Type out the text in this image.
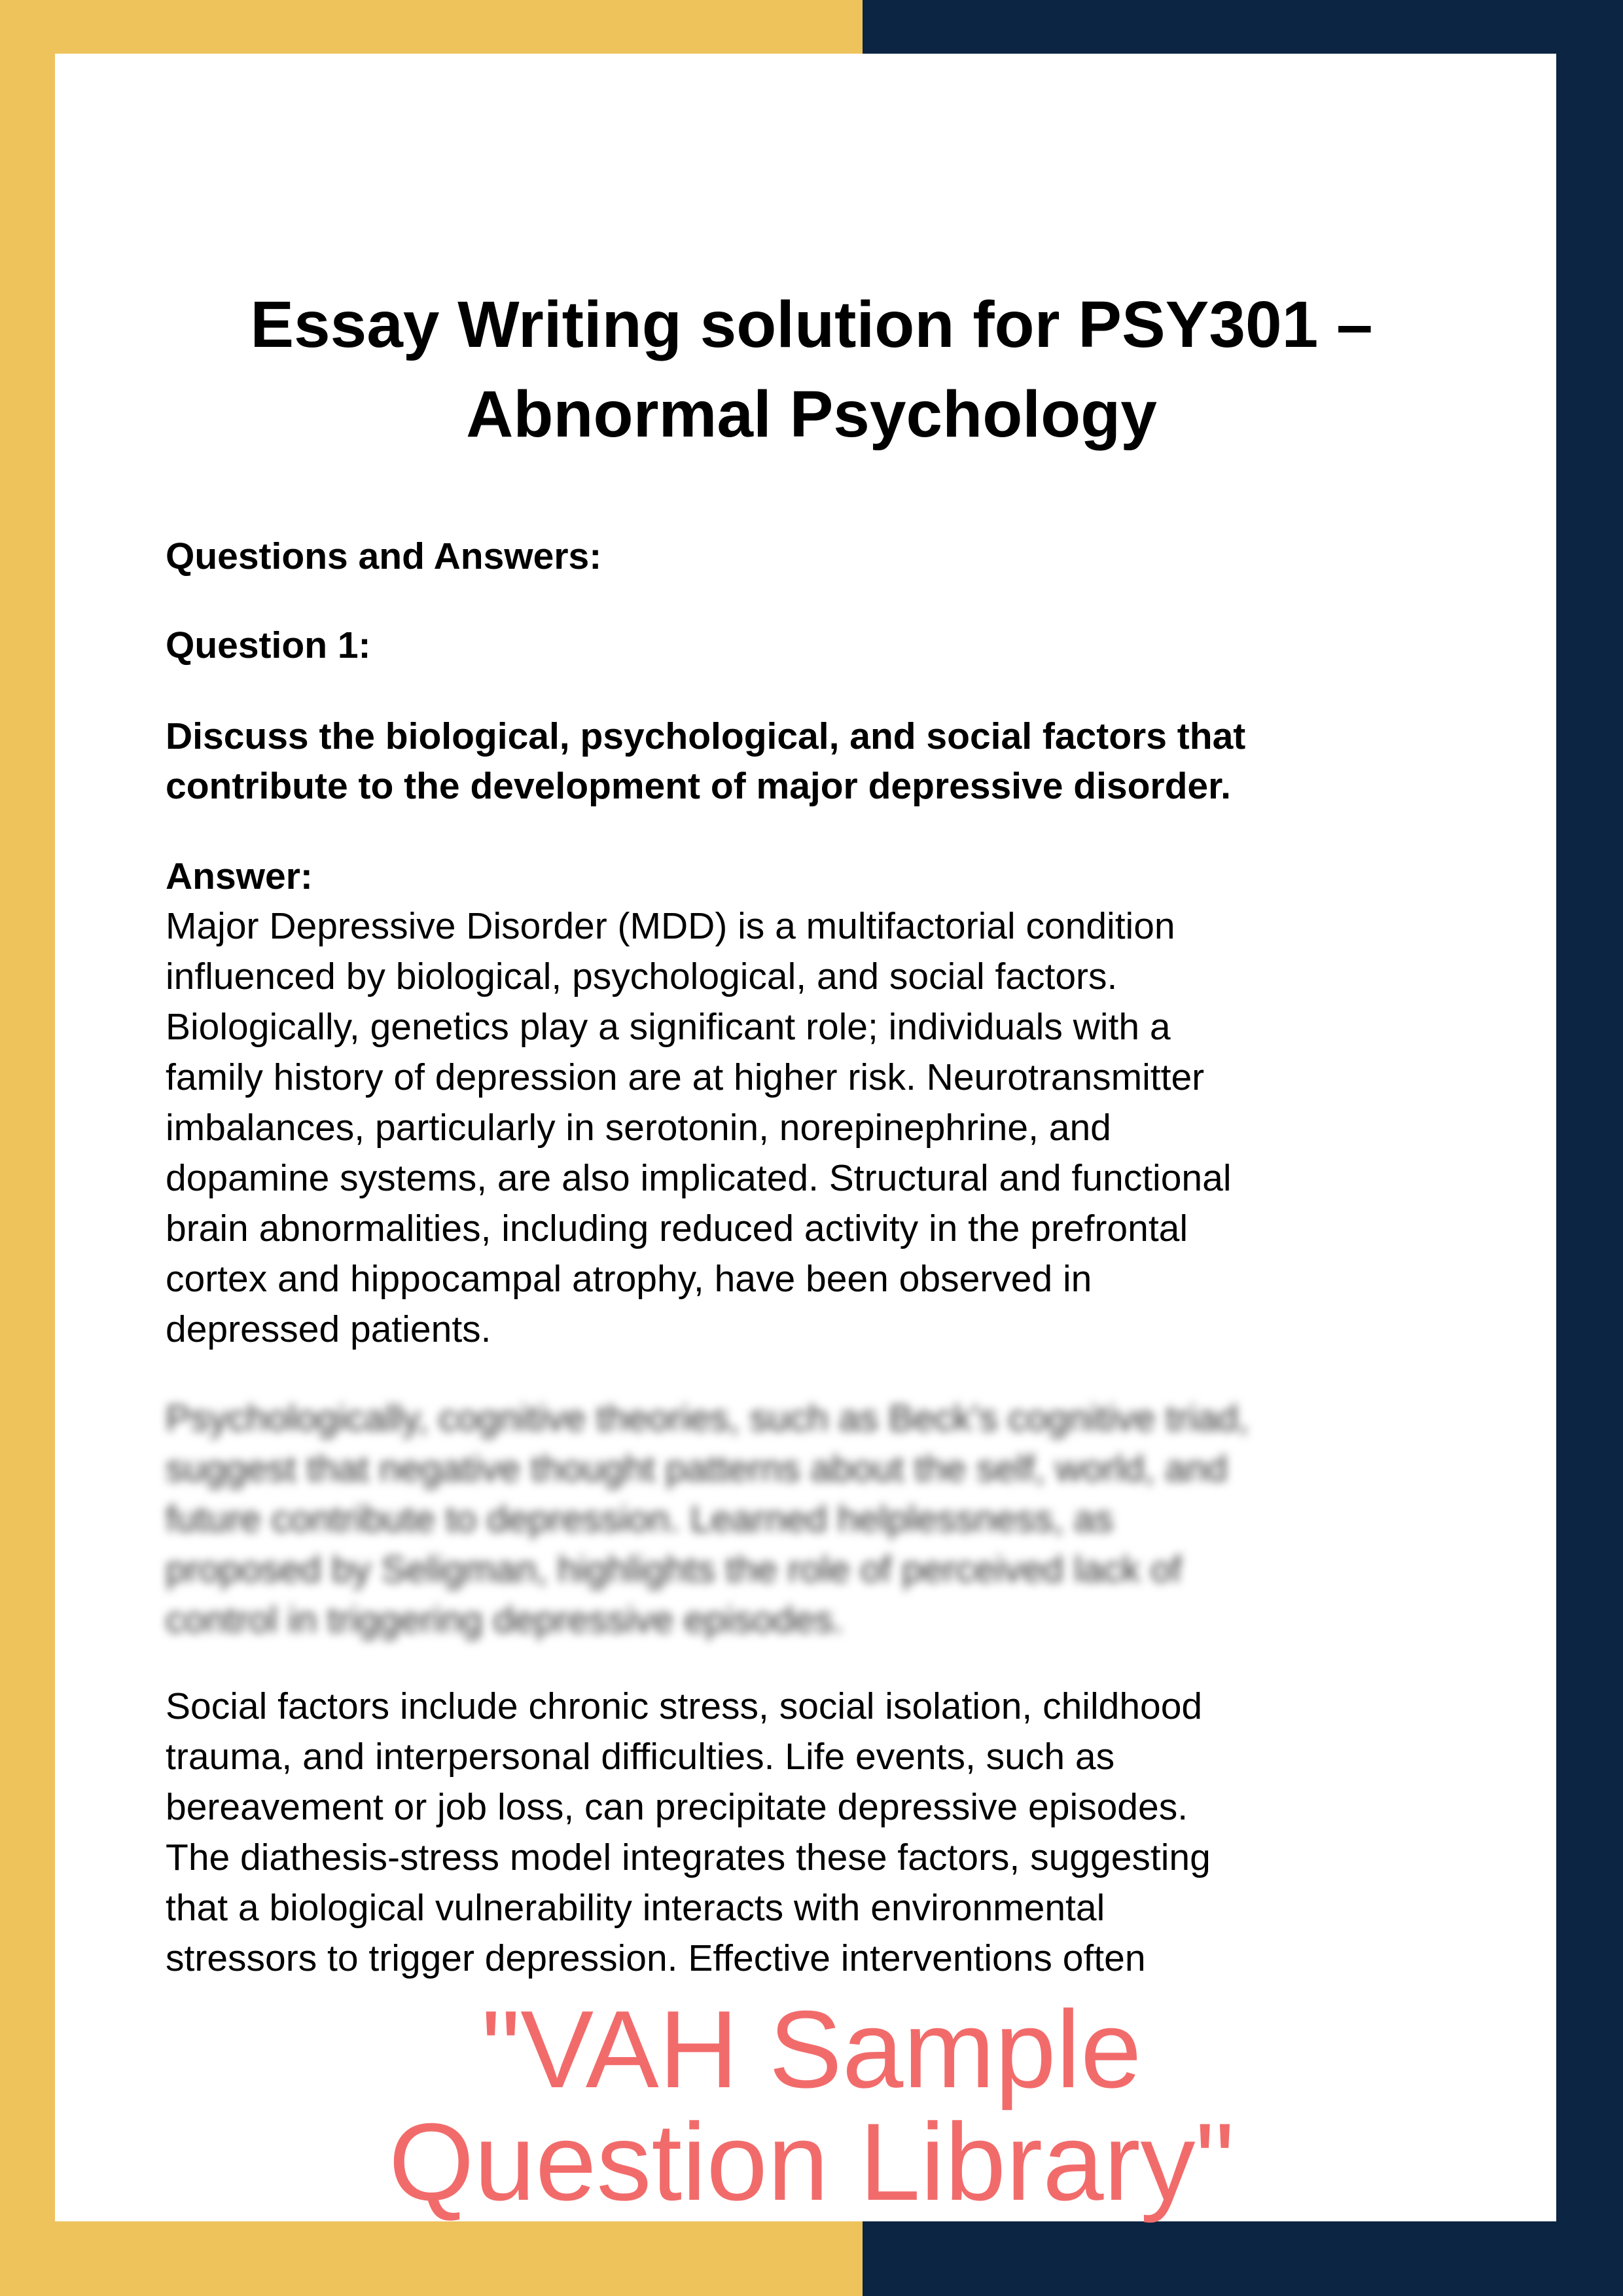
Essay Writing solution for PSY301 –
Abnormal Psychology
Questions and Answers:
Question 1:
Discuss the biological, psychological, and social factors that
contribute to the development of major depressive disorder.
Answer:
Major Depressive Disorder (MDD) is a multifactorial condition
influenced by biological, psychological, and social factors.
Biologically, genetics play a significant role; individuals with a
family history of depression are at higher risk. Neurotransmitter
imbalances, particularly in serotonin, norepinephrine, and
dopamine systems, are also implicated. Structural and functional
brain abnormalities, including reduced activity in the prefrontal
cortex and hippocampal atrophy, have been observed in
depressed patients.
Psychologically, cognitive theories, such as Beck’s cognitive triad,
suggest that negative thought patterns about the self, world, and
future contribute to depression. Learned helplessness, as
proposed by Seligman, highlights the role of perceived lack of
control in triggering depressive episodes.
Social factors include chronic stress, social isolation, childhood
trauma, and interpersonal difficulties. Life events, such as
bereavement or job loss, can precipitate depressive episodes.
The diathesis-stress model integrates these factors, suggesting
that a biological vulnerability interacts with environmental
stressors to trigger depression. Effective interventions often
"VAH Sample Question Library"
